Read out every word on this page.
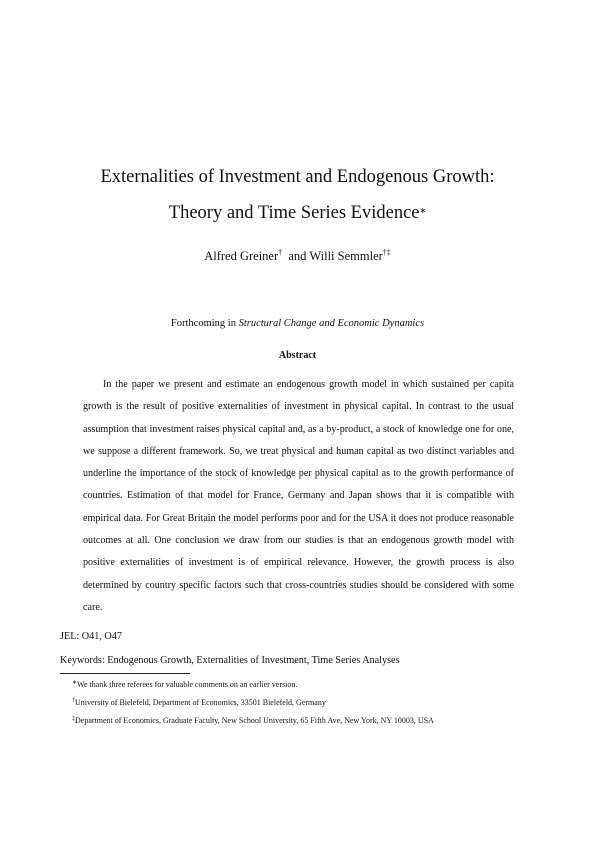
Externalities of Investment and Endogenous Growth:
Theory and Time Series Evidence∗
Alfred Greiner† and Willi Semmler†‡
Forthcoming in Structural Change and Economic Dynamics
Abstract
In the paper we present and estimate an endogenous growth model in which sustained per capita growth is the result of positive externalities of investment in physical capital. In contrast to the usual assumption that investment raises physical capital and, as a by-product, a stock of knowledge one for one, we suppose a different framework. So, we treat physical and human capital as two distinct variables and underline the importance of the stock of knowledge per physical capital as to the growth performance of countries. Estimation of that model for France, Germany and Japan shows that it is compatible with empirical data. For Great Britain the model performs poor and for the USA it does not produce reasonable outcomes at all. One conclusion we draw from our studies is that an endogenous growth model with positive externalities of investment is of empirical relevance. However, the growth process is also determined by country specific factors such that cross-countries studies should be considered with some care.
JEL: O41, O47
Keywords: Endogenous Growth, Externalities of Investment, Time Series Analyses
∗We thank three referees for valuable comments on an earlier version.
†University of Bielefeld, Department of Economics, 33501 Bielefeld, Germany
‡Department of Economics, Graduate Faculty, New School University, 65 Fifth Ave, New York, NY 10003, USA
